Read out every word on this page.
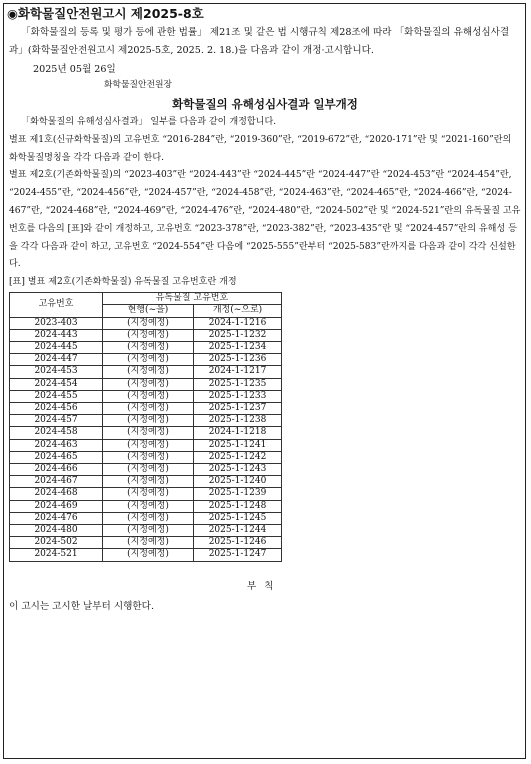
◉화학물질안전원고시 제2025-8호

「화학물질의 등록 및 평가 등에 관한 법률」 제21조 및 같은 법 시행규칙 제28조에 따라 「화학물질의 유해성심사결과」(화학물질안전원고시 제2025-5호, 2025. 2. 18.)을 다음과 같이 개정·고시합니다.

2025년 05월 26일
화학물질안전원장
화학물질의 유해성심사결과 일부개정

「화학물질의 유해성심사결과」 일부를 다음과 같이 개정합니다.

별표 제1호(신규화학물질)의 고유번호 “2016-284”란, “2019-360”란, “2019-672”란, “2020-171”란 및 “2021-160”란의 화학물질명칭을 각각 다음과 같이 한다.

별표 제2호(기존화학물질)의 “2023-403”란 “2024-443”란 “2024-445”란 “2024-447”란 “2024-453”란 “2024-454”란, “2024-455”란, “2024-456”란, “2024-457”란, “2024-458”란, “2024-463”란, “2024-465”란, “2024-466”란, “2024-467”란, “2024-468”란, “2024-469”란, “2024-476”란, “2024-480”란, “2024-502”란 및 “2024-521”란의 유독물질 고유번호를 다음의 [표]와 같이 개정하고, 고유번호 “2023-378”란, “2023-382”란, “2023-435”란 및 “2024-457”란의 유해성 등을 각각 다음과 같이 하고, 고유번호 “2024-554”란 다음에 “2025-555”란부터 “2025-583”란까지를 다음과 같이 각각 신설한다.

[표] 별표 제2호(기존화학물질) 유독물질 고유번호란 개정

고유번호	유독물질 고유번호	
	현행(~을)	개정(~으로)
2023-403	(지정예정)	2024-1-1216
2024-443	(지정예정)	2025-1-1232
2024-445	(지정예정)	2025-1-1234
2024-447	(지정예정)	2025-1-1236
2024-453	(지정예정)	2024-1-1217
2024-454	(지정예정)	2025-1-1235
2024-455	(지정예정)	2025-1-1233
2024-456	(지정예정)	2025-1-1237
2024-457	(지정예정)	2025-1-1238
2024-458	(지정예정)	2024-1-1218
2024-463	(지정예정)	2025-1-1241
2024-465	(지정예정)	2025-1-1242
2024-466	(지정예정)	2025-1-1243
2024-467	(지정예정)	2025-1-1240
2024-468	(지정예정)	2025-1-1239
2024-469	(지정예정)	2025-1-1248
2024-476	(지정예정)	2025-1-1245
2024-480	(지정예정)	2025-1-1244
2024-502	(지정예정)	2025-1-1246
2024-521	(지정예정)	2025-1-1247

부칙

이 고시는 고시한 날부터 시행한다.
